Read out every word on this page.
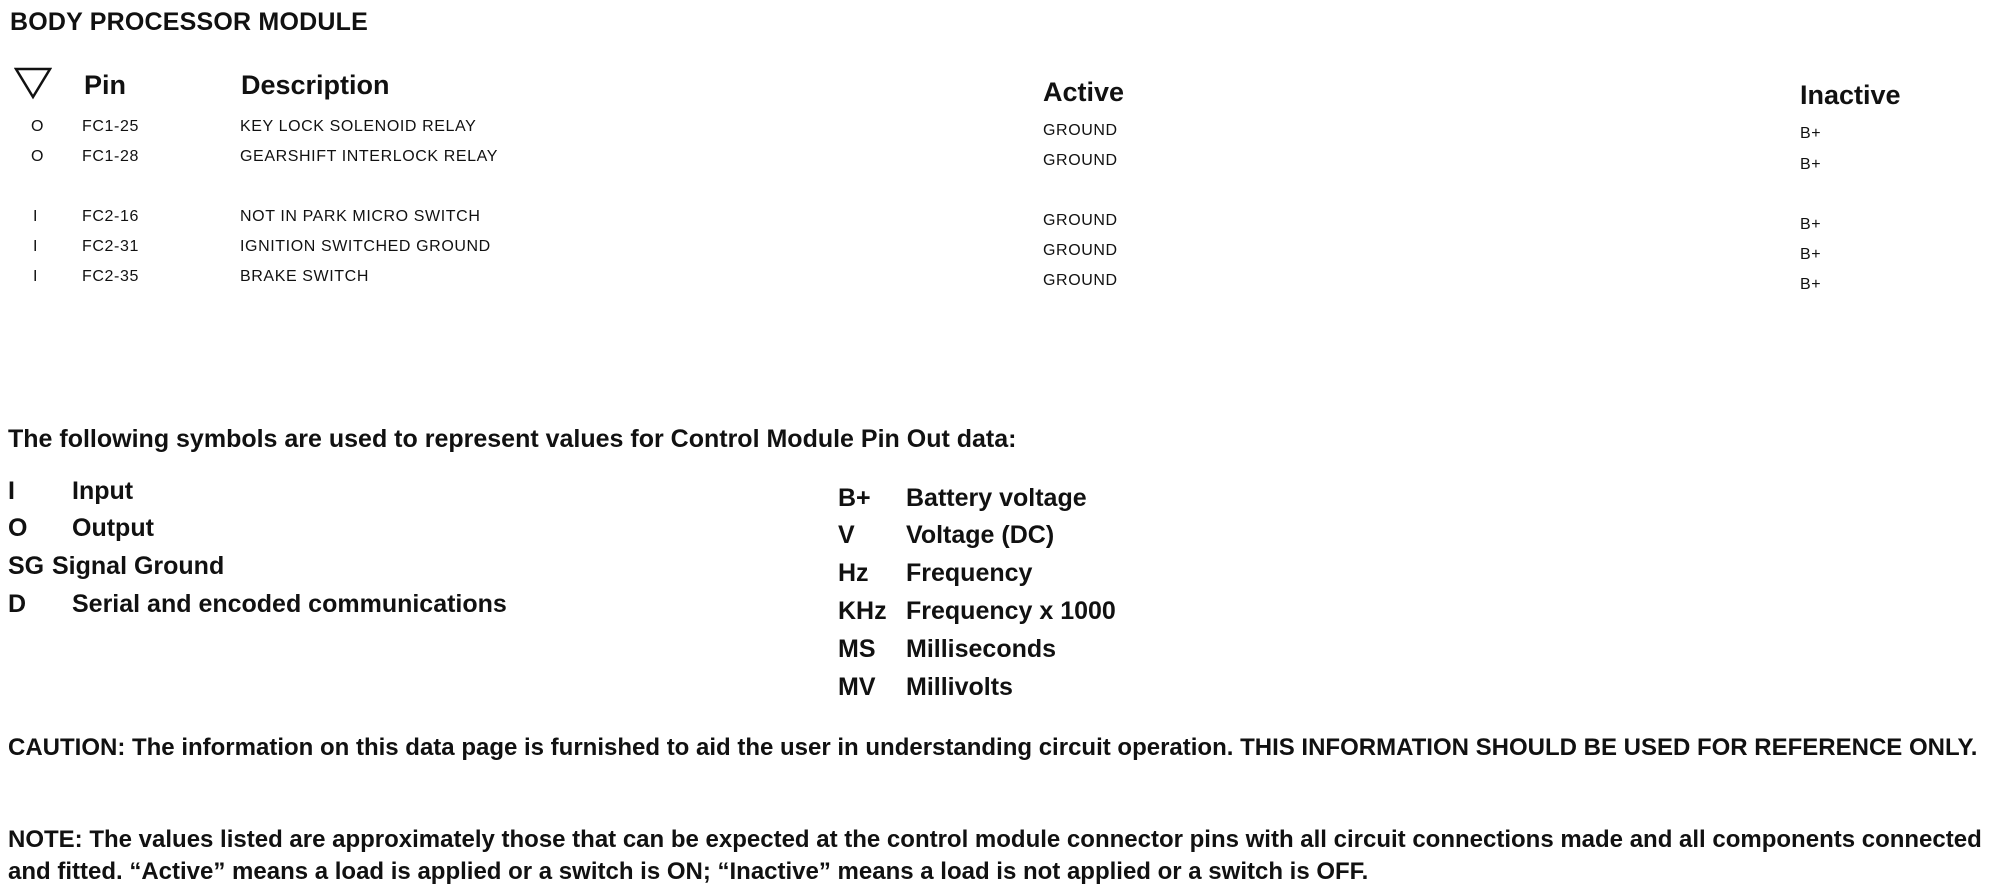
BODY PROCESSOR MODULE
Pin	Description	Active	Inactive
O FC1-25	KEY LOCK SOLENOID RELAY	GROUND	B+
O FC1-28	GEARSHIFT INTERLOCK RELAY	GROUND	B+
I	FC2-16	NOT IN PARK MICRO SWITCH	GROUND	B+
I	FC2-31	IGNITION SWITCHED GROUND	GROUND	B+
I	FC2-35	BRAKE SWITCH	GROUND	B+
The following symbols are used to represent values for Control Module Pin Out data:
I Input
O Output
SG Signal Ground
D Serial and encoded communications
B+ Battery voltage
V Voltage (DC)
Hz Frequency
KHz Frequency x 1000
MS Milliseconds
MV Millivolts
CAUTION: The information on this data page is furnished to aid the user in understanding circuit operation. THIS INFORMATION SHOULD BE USED FOR REFERENCE ONLY.
NOTE: The values listed are approximately those that can be expected at the control module connector pins with all circuit connections made and all components connected and fitted. “Active” means a load is applied or a switch is ON; “Inactive” means a load is not applied or a switch is OFF.
